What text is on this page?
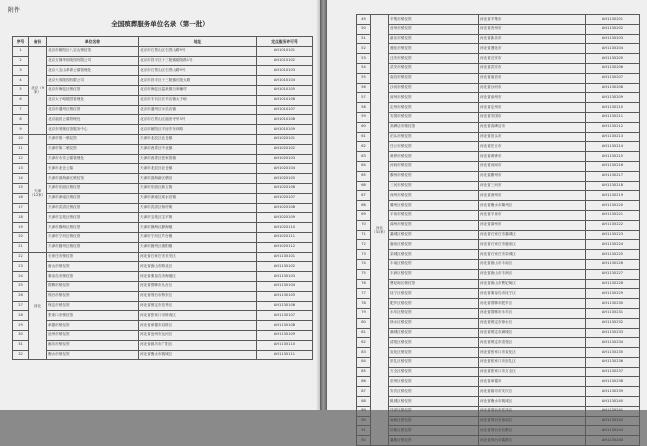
附件
全国殡葬服务单位名录（第一批）
序号	省份	单位名称	地址	定点服务许可号
1	北京（9家）	北京市朝阳区八宝山殡仪馆	北京市石景山区石景山路9号	AH1010101
2		北京万佛华侨陵园有限公司	北京市昌平区十三陵镇昭陵路1号	AH1010102
3		北京八宝山革命公墓管理处	北京市石景山区石景山路9号	AH1010103
4		北京天寿陵园有限公司	北京市昌平区十三陵镇长陵大路	AH1010104
5		北京市海淀区殡仪馆	北京市海淀区温泉镇白家疃村	AH1010105
6		北京太子峪陵园管理处	北京市丰台区长辛店镇太子峪	AH1010106
7		北京市通州区殡仪馆	北京市通州区永乐店镇	AH1010107
8		北京福田公墓管理处	北京市石景山区福田寺甲3号	AH1010108
9		北京东郊殡仪馆服务中心	北京市朝阳区平房乡东坝路	AH1010109
10	天津（12家）	天津市第一殡仪馆	天津市北辰区北仓镇	AH1020101
11		天津市第二殡仪馆	天津市西青区中北镇	AH1020102
12		天津市永安公墓管理处	天津市西青区张家窝镇	AH1020103
13		天津市北仓公墓	天津市北辰区北仓镇	AH1020104
14		天津市滨海新区殡仪馆	天津市滨海新区塘沽	AH1020105
15		天津市东丽区殡仪馆	天津市东丽区新立街	AH1020106
16		天津市津南区殡仪馆	天津市津南区咸水沽镇	AH1020107
17		天津市武清区殡仪馆	天津市武清区杨村街	AH1020108
18		天津市宝坻区殡仪馆	天津市宝坻区宝平街	AH1020109
19		天津市静海区殡仪馆	天津市静海区静海镇	AH1020110
20		天津市宁河区殡仪馆	天津市宁河区芦台镇	AH1020111
21		天津市蓟州区殡仪馆	天津市蓟州区渔阳镇	AH1020112
22	河北	石家庄市殡仪馆	河北省石家庄市长安区	AH1130101
23		唐山市殡仪馆	河北省唐山市路北区	AH1130102
24		秦皇岛市殡仪馆	河北省秦皇岛市海港区	AH1130103
25		邯郸市殡仪馆	河北省邯郸市丛台区	AH1130104
26		邢台市殡仪馆	河北省邢台市桥东区	AH1130105
27		保定市殡仪馆	河北省保定市竞秀区	AH1130106
28		张家口市殡仪馆	河北省张家口市桥西区	AH1130107
29		承德市殡仪馆	河北省承德市双桥区	AH1130108
30		沧州市殡仪馆	河北省沧州市运河区	AH1130109
31		廊坊市殡仪馆	河北省廊坊市广阳区	AH1130110
32		衡水市殡仪馆	河北省衡水市桃城区	AH1130111
49	河北（31家）	辛集市殡仪馆	河北省辛集市	AH1130201
50		晋州市殡仪馆	河北省晋州市	AH1130202
51		新乐市殡仪馆	河北省新乐市	AH1130203
52		遵化市殡仪馆	河北省遵化市	AH1130204
53		迁安市殡仪馆	河北省迁安市	AH1130205
54		武安市殡仪馆	河北省武安市	AH1130206
55		南宫市殡仪馆	河北省南宫市	AH1130207
56		沙河市殡仪馆	河北省沙河市	AH1130208
57		涿州市殡仪馆	河北省涿州市	AH1130209
58		定州市殡仪馆	河北省定州市	AH1130210
59		安国市殡仪馆	河北省安国市	AH1130211
60		高碑店市殡仪馆	河北省高碑店市	AH1130212
61		泊头市殡仪馆	河北省泊头市	AH1130213
62		任丘市殡仪馆	河北省任丘市	AH1130214
63		黄骅市殡仪馆	河北省黄骅市	AH1130215
64		河间市殡仪馆	河北省河间市	AH1130216
65		霸州市殡仪馆	河北省霸州市	AH1130217
66		三河市殡仪馆	河北省三河市	AH1130218
67		深州市殡仪馆	河北省深州市	AH1130219
68		冀州区殡仪馆	河北省衡水市冀州区	AH1130220
69		平泉市殡仪馆	河北省平泉市	AH1130221
70		滦州市殡仪馆	河北省滦州市	AH1130222
71		藁城区殡仪馆	河北省石家庄市藁城区	AH1130223
72		鹿泉区殡仪馆	河北省石家庄市鹿泉区	AH1130224
73		栾城区殡仪馆	河北省石家庄市栾城区	AH1130225
74		丰南区殡仪馆	河北省唐山市丰南区	AH1130226
75		丰润区殡仪馆	河北省唐山市丰润区	AH1130227
76		曹妃甸区殡仪馆	河北省唐山市曹妃甸区	AH1130228
77		抚宁区殡仪馆	河北省秦皇岛市抚宁区	AH1130229
78		肥乡区殡仪馆	河北省邯郸市肥乡区	AH1130230
79		永年区殡仪馆	河北省邯郸市永年区	AH1130231
80		徐水区殡仪馆	河北省保定市徐水区	AH1130232
81		满城区殡仪馆	河北省保定市满城区	AH1130233
82		清苑区殡仪馆	河北省保定市清苑区	AH1130234
83		宣化区殡仪馆	河北省张家口市宣化区	AH1130235
84		崇礼区殡仪馆	河北省张家口市崇礼区	AH1130236
85		万全区殡仪馆	河北省张家口市万全区	AH1130237
86		崇州区殡仪馆	河北省承德市	AH1130238
87		安次区殡仪馆	河北省廊坊市安次区	AH1130239
88		桃城区殡仪馆	河北省衡水市桃城区	AH1130240
89		任泽区殡仪馆	河北省邢台市任泽区	AH1130241
90		南和区殡仪馆	河北省邢台市南和区	AH1130242
91		信都区殡仪馆	河北省邢台市信都区	AH1130243
92		襄都区殡仪馆	河北省邢台市襄都区	AH1130244
